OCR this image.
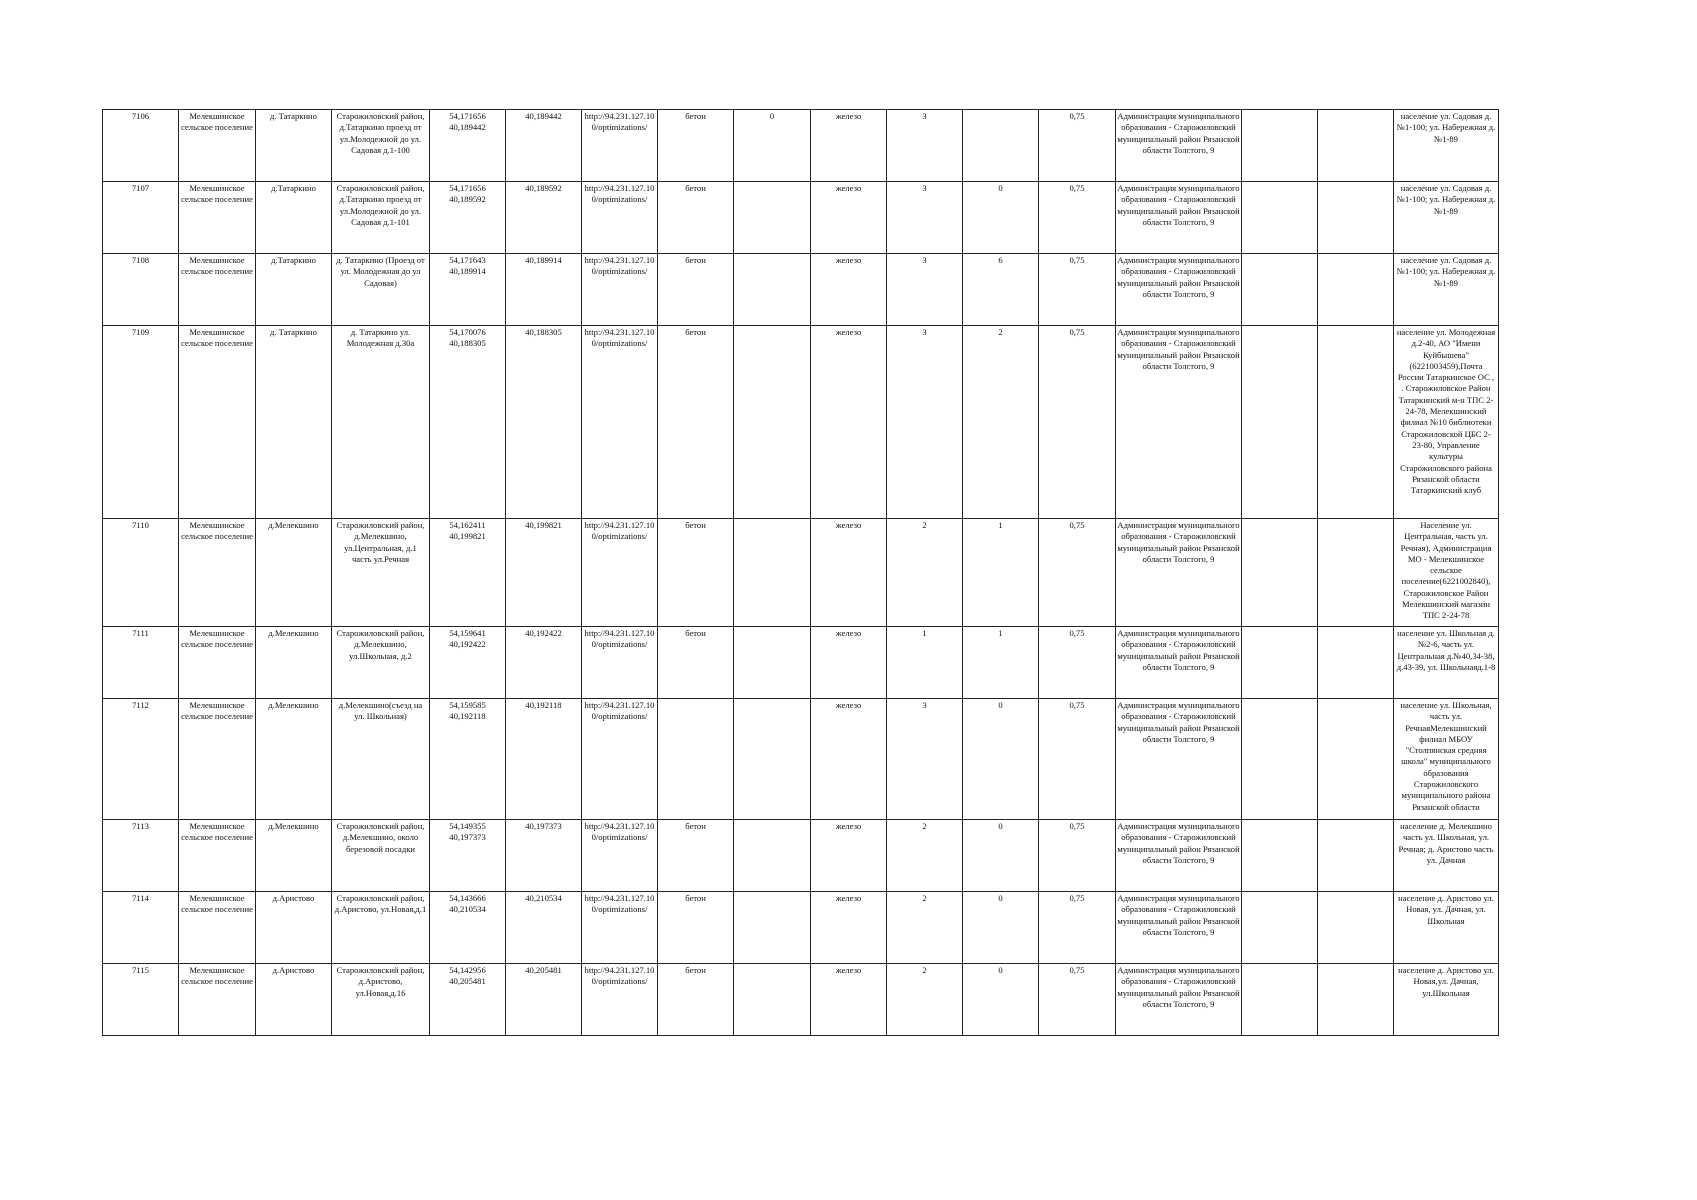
7106	Мелекшинское сельское поселение	д. Татаркино	Старожиловский район, д.Татаркино проезд от ул.Молодежной до ул. Садовая д.1-100	54,171656 40,189442	40,189442	http://94.231.127.10 0/optimizations/	бетон	0	железо	3		0,75	Администрация муниципального образования - Старожиловский муниципальный район Рязанской области Толстого, 9			население ул. Садовая д.№1-100; ул. Набережная д.№1-89
7107	Мелекшинское сельское поселение	д.Татаркино	Старожиловский район, д.Татаркино проезд от ул.Молодежной до ул. Садовая д.1-101	54,171656 40,189592	40,189592	http://94.231.127.10 0/optimizations/	бетон		железо	3	0	0,75	Администрация муниципального образования - Старожиловский муниципальный район Рязанской области Толстого, 9			население ул. Садовая д.№1-100; ул. Набережная д.№1-89
7108	Мелекшинское сельское поселение	д.Татаркино	д. Татаркино (Проезд от ул. Молодежная до ул Садовая)	54,171643 40,189914	40,189914	http://94.231.127.10 0/optimizations/	бетон		железо	3	6	0,75	Администрация муниципального образования - Старожиловский муниципальный район Рязанской области Толстого, 9			население ул. Садовая д.№1-100; ул. Набережная д.№1-89
7109	Мелекшинское сельское поселение	д. Татаркино	д. Татаркино ул. Молодежная д.30а	54,170076 40,188305	40,188305	http://94.231.127.10 0/optimizations/	бетон		железо	3	2	0,75	Администрация муниципального образования - Старожиловский муниципальный район Рязанской области Толстого, 9			население ул. Молодежная д.2-40, АО "Имени Куйбышева" (6221003459),Почта России Татаркинское ОС , . Старожиловское Район Татаркинский м-н ТПС 2-24-78, Мелекшинский филиал №10 библиотеки Старожиловской ЦБС 2-23-80, Управление культуры Старожиловского района Рязанской области Татаркинский клуб
7110	Мелекшинское сельское поселение	д.Мелекшино	Старожиловский район, д.Мелекшино, ул.Центральная, д.1 часть ул.Речная	54,162411 40,199821	40,199821	http://94.231.127.10 0/optimizations/	бетон		железо	2	1	0,75	Администрация муниципального образования - Старожиловский муниципальный район Рязанской области Толстого, 9			Население ул. Центральная, часть ул. Речная), Администрация МО - Мелекшинское сельское поселение(6221002840), Старожиловское Район Мелекшинский магазин ТПС 2-24-78
7111	Мелекшинское сельское поселение	д.Мелекшино	Старожиловский район, д.Мелекшино, ул.Школьная, д.2	54,159641 40,192422	40,192422	http://94.231.127.10 0/optimizations/	бетон		железо	1	1	0,75	Администрация муниципального образования - Старожиловский муниципальный район Рязанской области Толстого, 9			население ул. Школьная д.№2-6, часть ул. Центральная д.№40,34-38, д.43-39, ул. Школьнаяд.1-8
7112	Мелекшинское сельское поселение	д.Мелекшино	д.Мелекшино(съезд на ул. Школьная)	54,159585 40,192118	40,192118	http://94.231.127.10 0/optimizations/			железо	3	0	0,75	Администрация муниципального образования - Старожиловский муниципальный район Рязанской области Толстого, 9			население ул. Школьная, часть ул. РечнаяМелекшинский филиал МБОУ "Столпянская средняя школа" муниципального образования Старожиловского муниципального района Рязанской области
7113	Мелекшинское сельское поселение	д.Мелекшино	Старожиловский район, д.Мелекшино, около березовой посадки	54,149355 40,197373	40,197373	http://94.231.127.10 0/optimizations/	бетон		железо	2	0	0,75	Администрация муниципального образования - Старожиловский муниципальный район Рязанской области Толстого, 9			население д. Мелекшино часть ул. Школьная, ул. Речная; д. Аристово часть ул. Дачная
7114	Мелекшинское сельское поселение	д.Аристово	Старожиловский район, д.Аристово, ул.Новая,д.1	54,143666 40,210534	40,210534	http://94.231.127.10 0/optimizations/	бетон		железо	2	0	0,75	Администрация муниципального образования - Старожиловский муниципальный район Рязанской области Толстого, 9			население д. Аристово ул. Новая, ул. Дачная, ул. Школьная
7115	Мелекшинское сельское поселение	д.Аристово	Старожиловский район, д.Аристово, ул.Новая,д.16	54,142956 40,205481	40,205481	http://94.231.127.10 0/optimizations/	бетон		железо	2	0	0,75	Администрация муниципального образования - Старожиловский муниципальный район Рязанской области Толстого, 9			население д. Аристово ул. Новая,ул. Дачная, ул.Школьная
